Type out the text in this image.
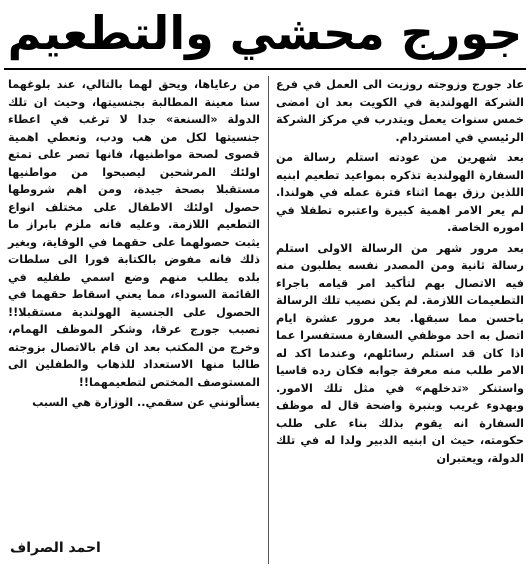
جورج محشي والتطعيم

عاد جورج وزوجته روزيت الى العمل في فرع الشركة الهولندية في الكويت بعد ان امضى خمس سنوات يعمل ويتدرب في مركز الشركة الرئيسي في امستردام.

بعد شهرين من عودته استلم رسالة من السفارة الهولندية تذكره بمواعيد تطعيم ابنيه اللذين رزق بهما اثناء فترة عمله في هولندا. لم يعر الامر اهمية كبيرة واعتبره تطفلا في اموره الخاصة.

بعد مرور شهر من الرسالة الاولى استلم رسالة ثانية ومن المصدر نفسه يطلبون منه فيه الاتصال بهم لتأكيد امر قيامه باجراء التطعيمات اللازمة. لم يكن نصيب تلك الرسالة باحسن مما سبقها. بعد مرور عشرة ايام اتصل به احد موظفي السفارة مستفسرا عما اذا كان قد استلم رسائلهم، وعندما اكد له الامر طلب منه معرفة جوابه فكان رده قاسيا واستنكر «تدخلهم» في مثل تلك الامور. وبهدوء غريب وبنبرة واضحة قال له موظف السفارة انه يقوم بذلك بناء على طلب حكومته، حيث ان ابنيه الدبير ولدا له في تلك الدولة، ويعتبران

من رعاياها، ويحق لهما بالتالي، عند بلوغهما سنا معينة المطالبة بجنسيتها، وحيث ان تلك الدولة «السنعة» جدا لا ترغب في اعطاء جنسيتها لكل من هب ودب، وتعطي اهمية قصوى لصحة مواطنيها، فانها تصر على تمتع اولئك المرشحين ليصبحوا من مواطنيها مستقبلا بصحة جيدة، ومن اهم شروطها حصول اولئك الاطفال على مختلف انواع التطعيم اللازمة. وعليه فانه ملزم بابراز ما يثبت حصولهما على حقهما في الوقاية، وبغير ذلك فانه مفوض بالكتابة فورا الى سلطات بلده يطلب منهم وضع اسمي طفليه في القائمة السوداء، مما يعني اسقاط حقهما في الحصول على الجنسية الهولندية مستقبلا!! تصبب جورج عرقا، وشكر الموظف الهمام، وخرج من المكتب بعد ان قام بالاتصال بزوجته طالبا منها الاستعداد للذهاب والطفلين الى المستوصف المختص لتطعيمهما!!

يسألونني عن سقمي.. الوزارة هي السبب

احمد الصراف
